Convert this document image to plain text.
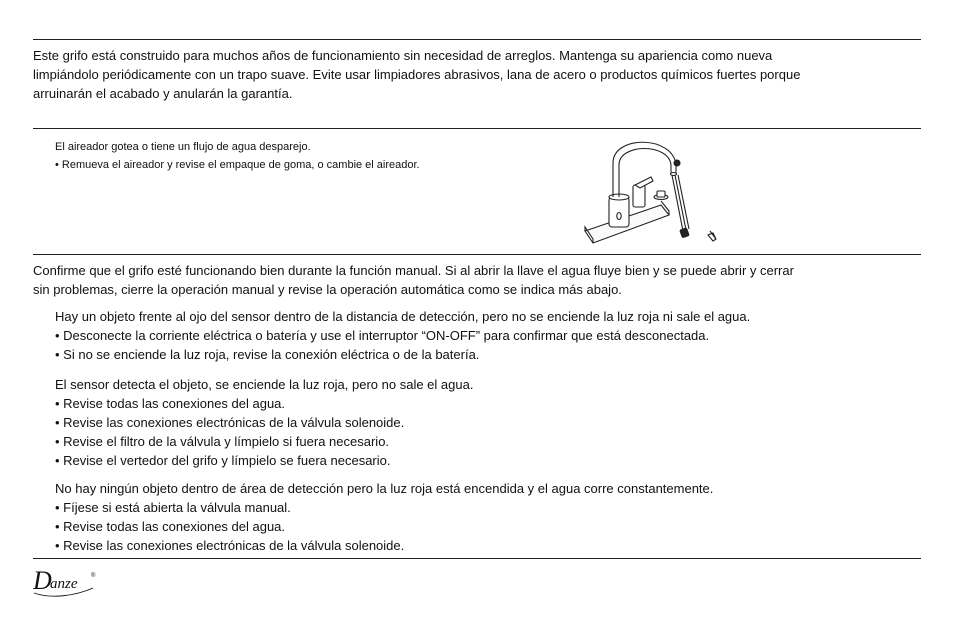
Este grifo está construido para muchos años de funcionamiento sin necesidad de arreglos. Mantenga su apariencia como nueva
limpiándolo periódicamente con un trapo suave. Evite usar limpiadores abrasivos, lana de acero o productos químicos fuertes porque
arruinarán el acabado y anularán la garantía.
El aireador gotea o tiene un flujo de agua desparejo.
• Remueva el aireador y revise el empaque de goma, o cambie el aireador.
Confirme que el grifo esté funcionando bien durante la función manual. Si al abrir la llave el agua fluye bien y se puede abrir y cerrar
sin problemas, cierre la operación manual y revise la operación automática como se indica más abajo.
Hay un objeto frente al ojo del sensor dentro de la distancia de detección, pero no se enciende la luz roja ni sale el agua.
• Desconecte la corriente eléctrica o batería y use el interruptor “ON-OFF” para confirmar que está desconectada.
• Si no se enciende la luz roja, revise la conexión eléctrica o de la batería.
El sensor detecta el objeto, se enciende la luz roja, pero no sale el agua.
• Revise todas las conexiones del agua.
• Revise las conexiones electrónicas de la válvula solenoide.
• Revise el filtro de la válvula y límpielo si fuera necesario.
• Revise el vertedor del grifo y límpielo se fuera necesario.
No hay ningún objeto dentro de área de detección pero la luz roja está encendida y el agua corre constantemente.
• Fíjese si está abierta la válvula manual.
• Revise todas las conexiones del agua.
• Revise las conexiones electrónicas de la válvula solenoide.
D
anze ®
